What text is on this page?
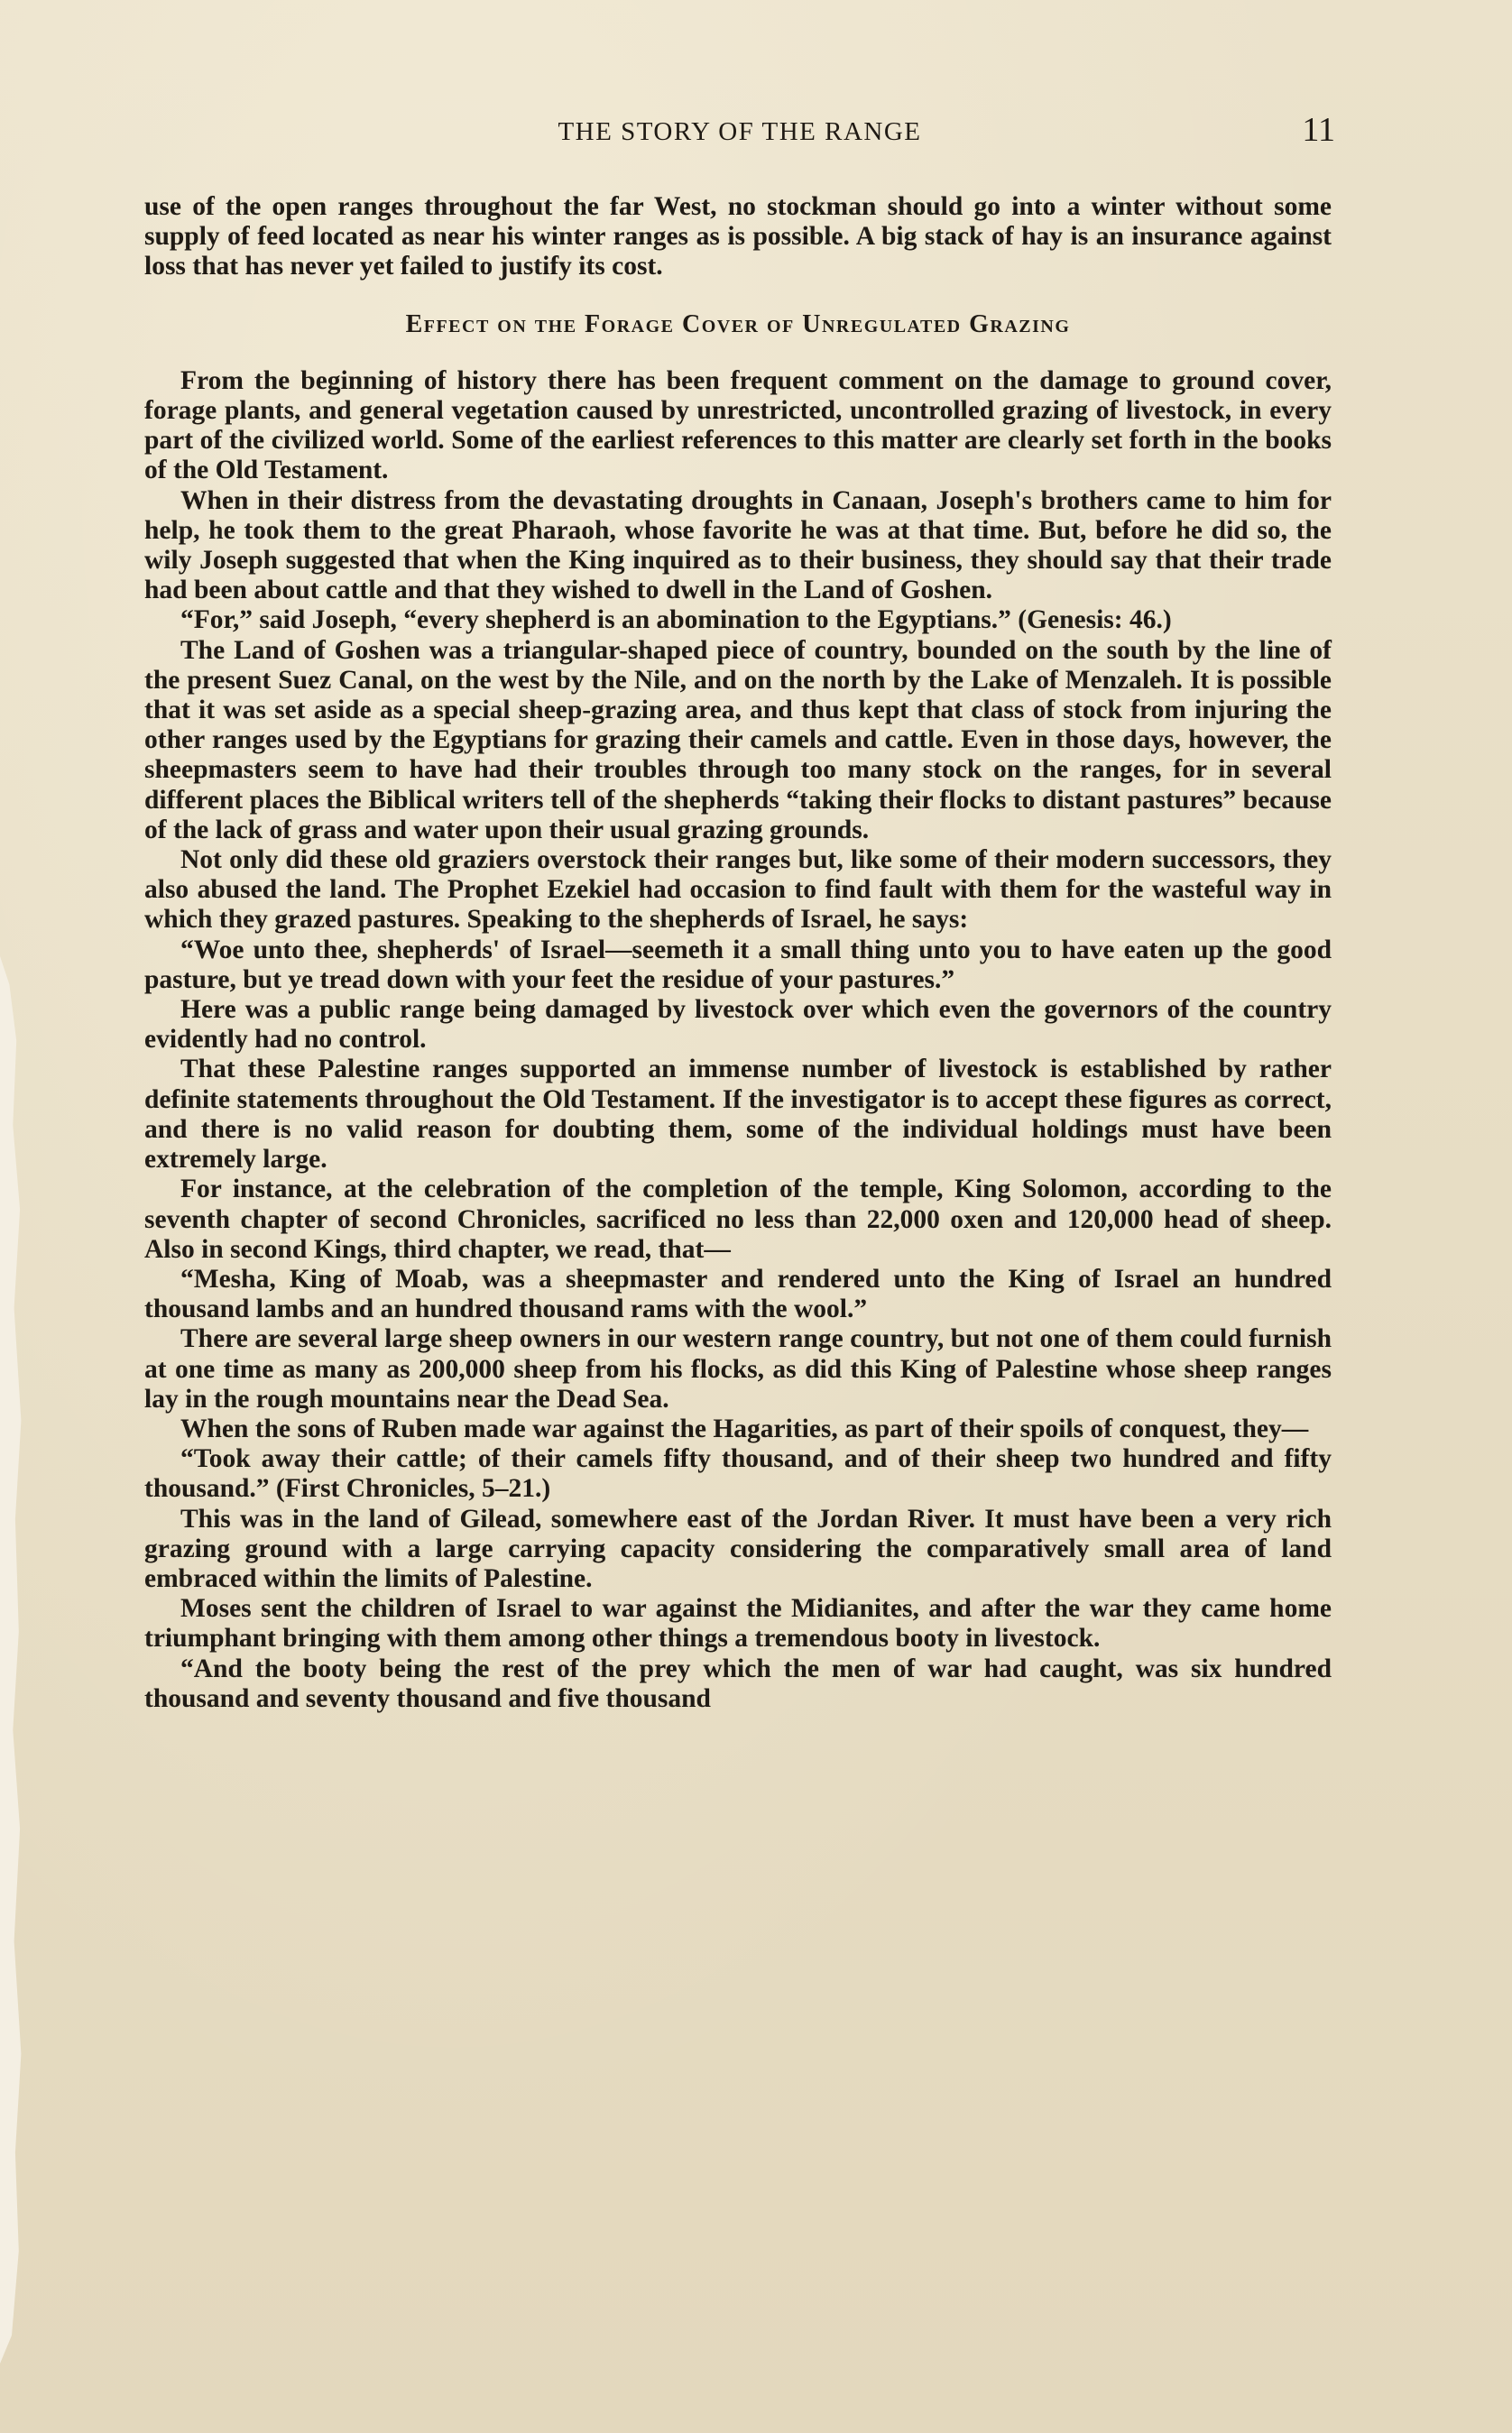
THE STORY OF THE RANGE	11

use of the open ranges throughout the far West, no stockman should go into a winter without some supply of feed located as near his winter ranges as is possible. A big stack of hay is an insurance against loss that has never yet failed to justify its cost.

Effect on the Forage Cover of Unregulated Grazing

From the beginning of history there has been frequent comment on the damage to ground cover, forage plants, and general vegetation caused by unrestricted, uncontrolled grazing of livestock, in every part of the civilized world. Some of the earliest references to this matter are clearly set forth in the books of the Old Testament.

When in their distress from the devastating droughts in Canaan, Joseph's brothers came to him for help, he took them to the great Pharaoh, whose favorite he was at that time. But, before he did so, the wily Joseph suggested that when the King inquired as to their business, they should say that their trade had been about cattle and that they wished to dwell in the Land of Goshen.

“For,” said Joseph, “every shepherd is an abomination to the Egyptians.” (Genesis: 46.)

The Land of Goshen was a triangular-shaped piece of country, bounded on the south by the line of the present Suez Canal, on the west by the Nile, and on the north by the Lake of Menzaleh. It is possible that it was set aside as a special sheep-grazing area, and thus kept that class of stock from injuring the other ranges used by the Egyptians for grazing their camels and cattle. Even in those days, however, the sheepmasters seem to have had their troubles through too many stock on the ranges, for in several different places the Biblical writers tell of the shepherds “taking their flocks to distant pastures” because of the lack of grass and water upon their usual grazing grounds.

Not only did these old graziers overstock their ranges but, like some of their modern successors, they also abused the land. The Prophet Ezekiel had occasion to find fault with them for the wasteful way in which they grazed pastures. Speaking to the shepherds of Israel, he says:

“Woe unto thee, shepherds' of Israel—seemeth it a small thing unto you to have eaten up the good pasture, but ye tread down with your feet the residue of your pastures.”

Here was a public range being damaged by livestock over which even the governors of the country evidently had no control.

That these Palestine ranges supported an immense number of livestock is established by rather definite statements throughout the Old Testament. If the investigator is to accept these figures as correct, and there is no valid reason for doubting them, some of the individual holdings must have been extremely large.

For instance, at the celebration of the completion of the temple, King Solomon, according to the seventh chapter of second Chronicles, sacrificed no less than 22,000 oxen and 120,000 head of sheep. Also in second Kings, third chapter, we read, that—

“Mesha, King of Moab, was a sheepmaster and rendered unto the King of Israel an hundred thousand lambs and an hundred thousand rams with the wool.”

There are several large sheep owners in our western range country, but not one of them could furnish at one time as many as 200,000 sheep from his flocks, as did this King of Palestine whose sheep ranges lay in the rough mountains near the Dead Sea.

When the sons of Ruben made war against the Hagarities, as part of their spoils of conquest, they—

“Took away their cattle; of their camels fifty thousand, and of their sheep two hundred and fifty thousand.” (First Chronicles, 5–21.)

This was in the land of Gilead, somewhere east of the Jordan River. It must have been a very rich grazing ground with a large carrying capacity considering the comparatively small area of land embraced within the limits of Palestine.

Moses sent the children of Israel to war against the Midianites, and after the war they came home triumphant bringing with them among other things a tremendous booty in livestock.

“And the booty being the rest of the prey which the men of war had caught, was six hundred thousand and seventy thousand and five thousand
